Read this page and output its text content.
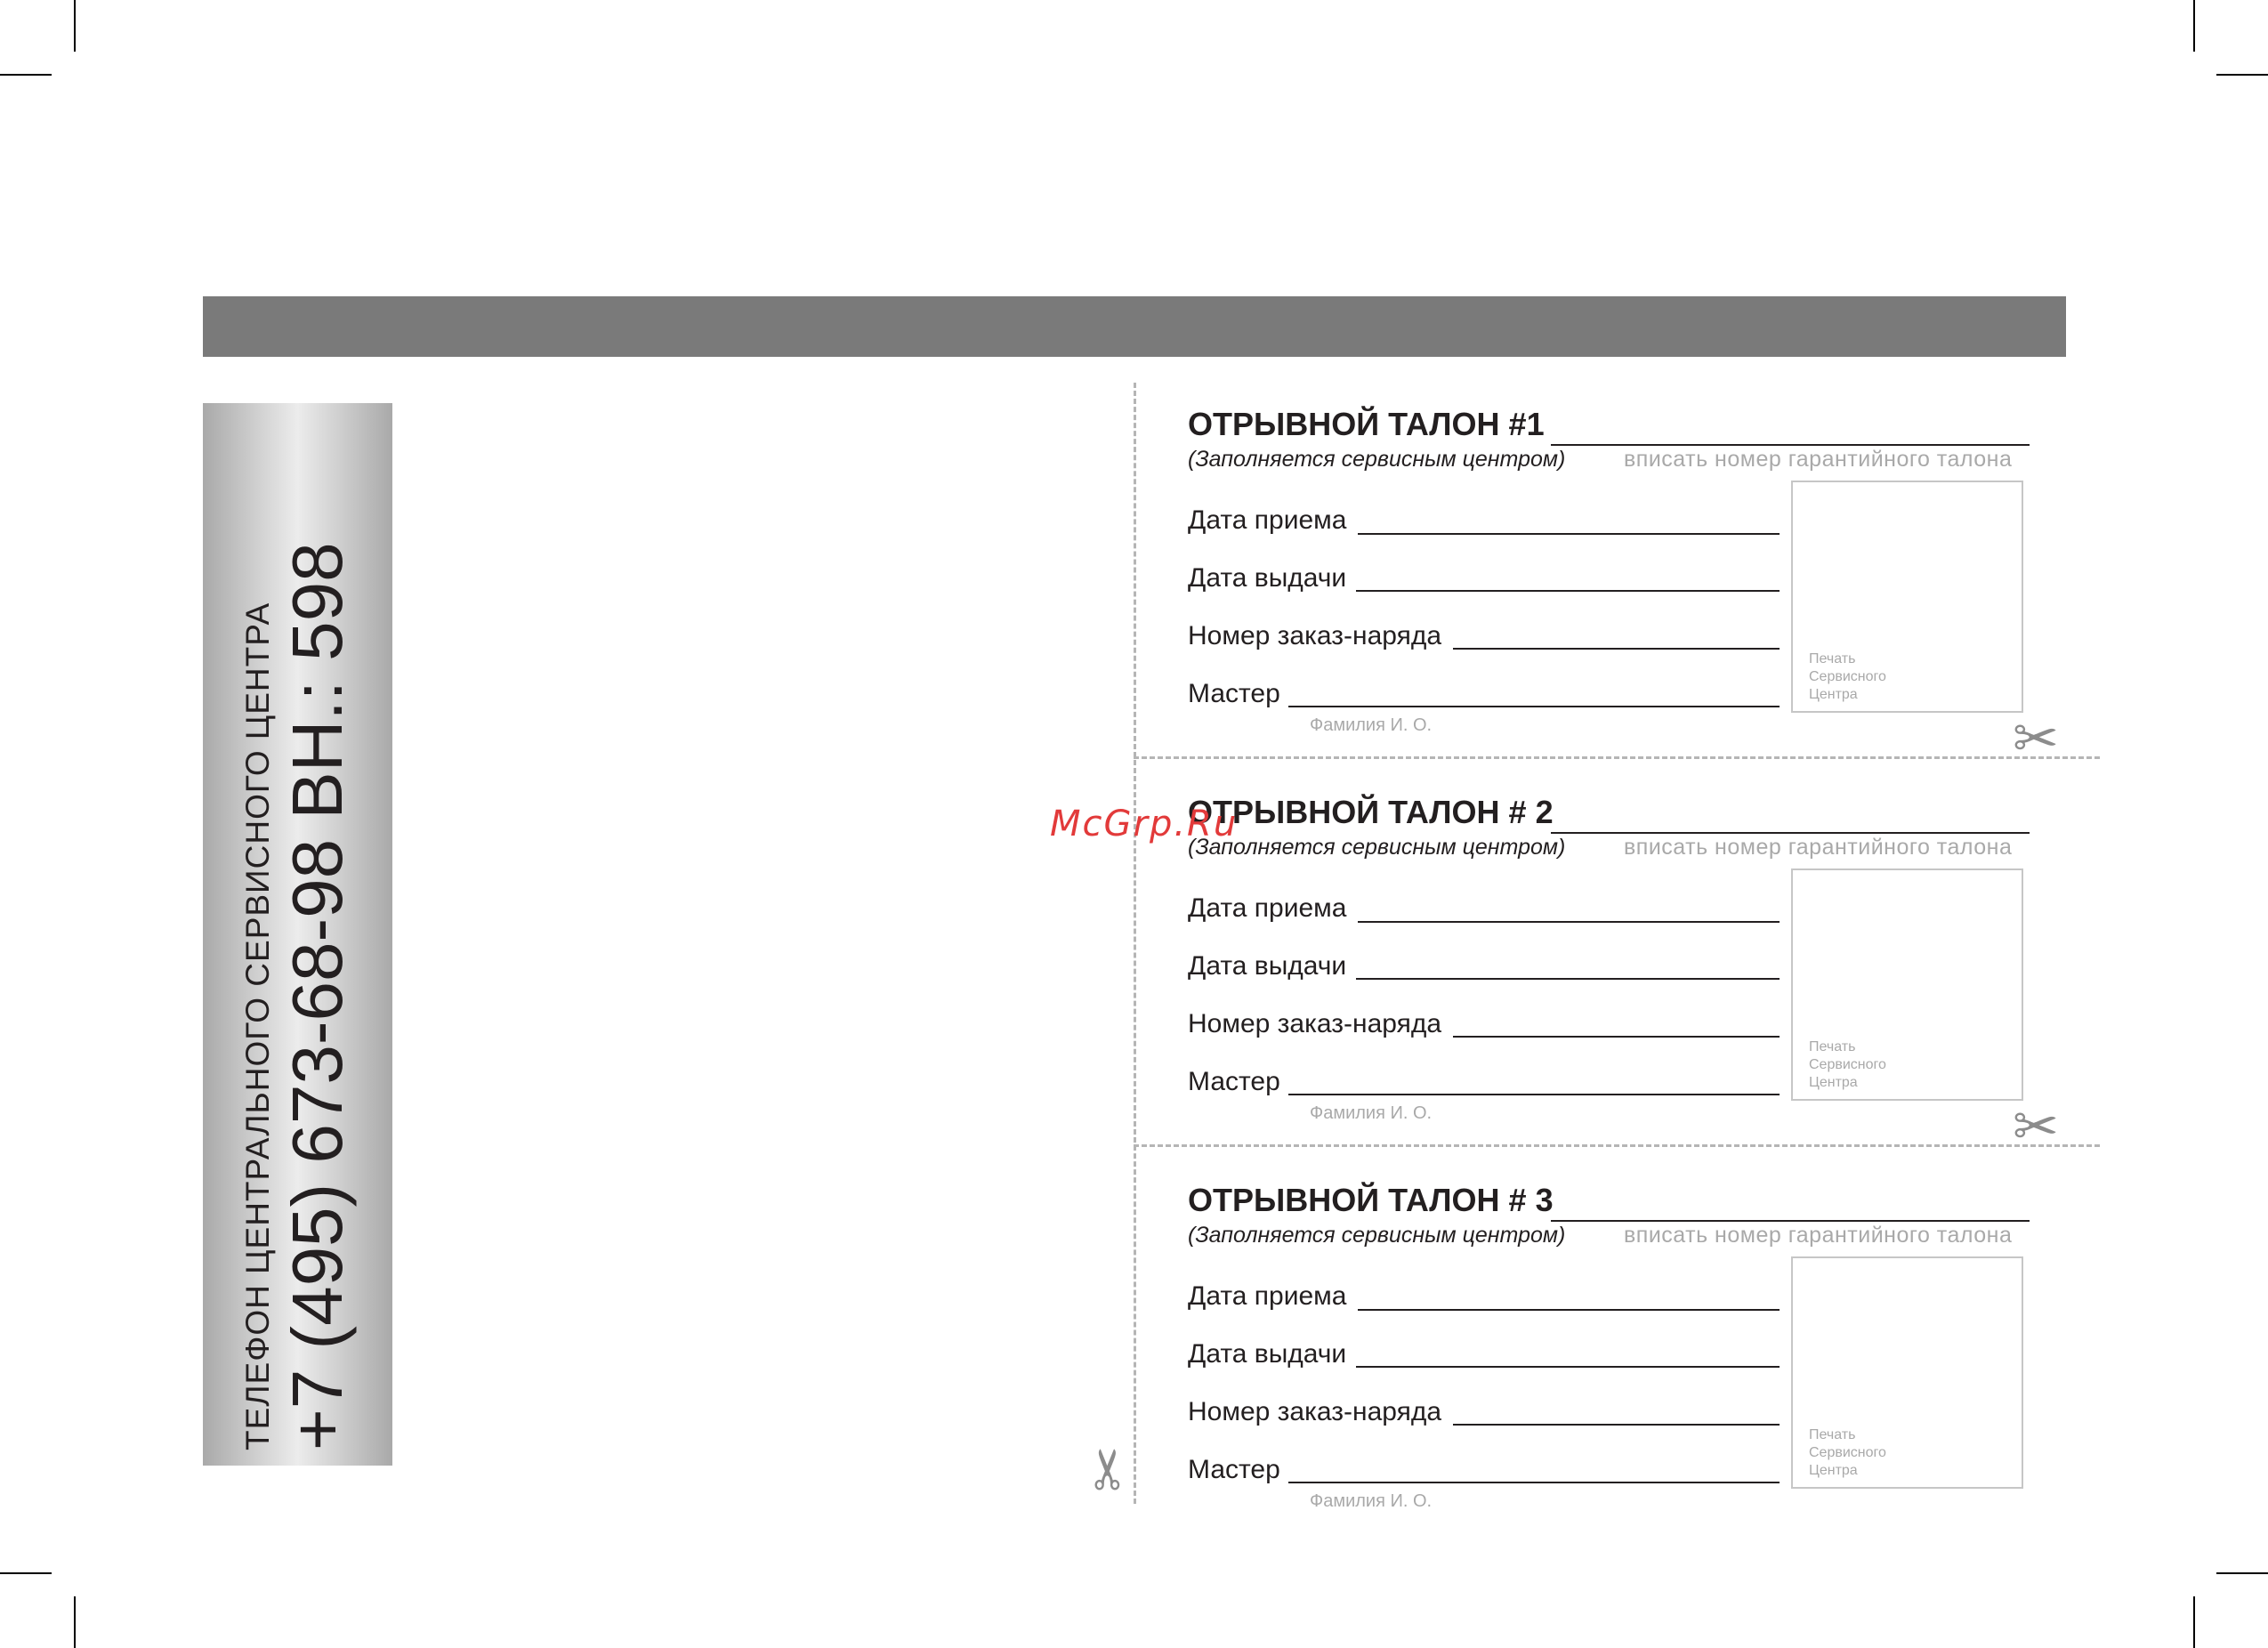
ТЕЛЕФОН ЦЕНТРАЛЬНОГО СЕРВИСНОГО ЦЕНТРА +7 (495) 673-68-98 ВН.: 598	✂
✂
✂
ОТРЫВНОЙ ТАЛОН #1
(Заполняется сервисным центром)	вписать номер гарантийного талона
Дата приема
Дата выдачи
Номер заказ-наряда
Мастер
Фамилия И. О.
Печать
Сервисного
Центра
ОТРЫВНОЙ ТАЛОН # 2
(Заполняется сервисным центром)	вписать номер гарантийного талона
Дата приема
Дата выдачи
Номер заказ-наряда
Мастер
Фамилия И. О.
Печать
Сервисного
Центра
ОТРЫВНОЙ ТАЛОН # 3
(Заполняется сервисным центром)	вписать номер гарантийного талона
Дата приема
Дата выдачи
Номер заказ-наряда
Мастер
Фамилия И. О.
Печать
Сервисного
Центра
McGrp.Ru
